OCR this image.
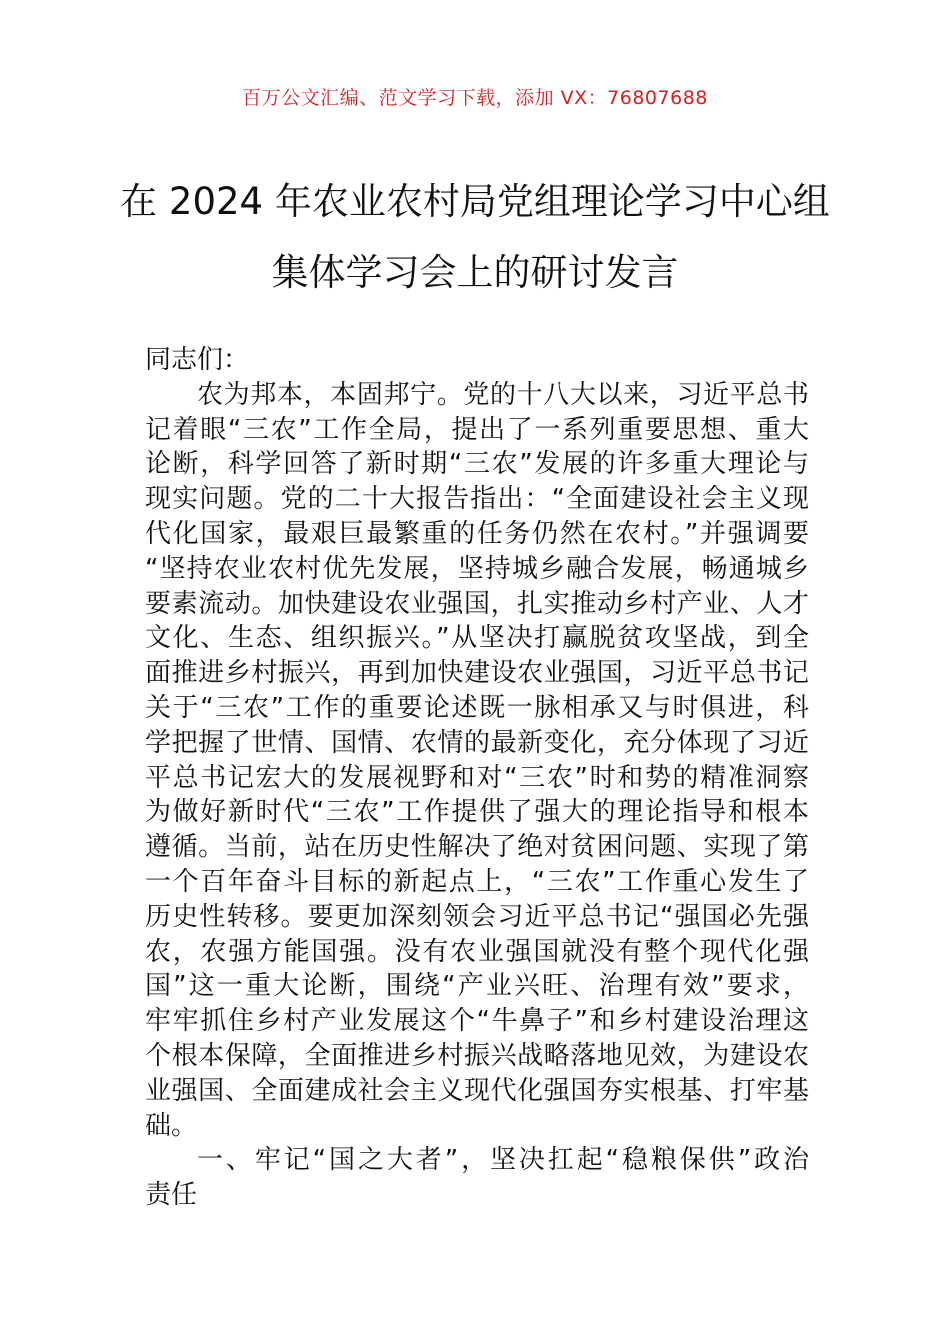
百万公文汇编、范文学习下载，添加 VX：76807688
在 2024 年农业农村局党组理论学习中心组
集体学习会上的研讨发言
同志们：
农为邦本，本固邦宁。党的十八大以来，习近平总书
记着眼“三农”工作全局，提出了一系列重要思想、重大
论断，科学回答了新时期“三农”发展的许多重大理论与
现实问题。党的二十大报告指出：“全面建设社会主义现
代化国家，最艰巨最繁重的任务仍然在农村。”并强调要
“坚持农业农村优先发展，坚持城乡融合发展，畅通城乡
要素流动。加快建设农业强国，扎实推动乡村产业、人才
文化、生态、组织振兴。”从坚决打赢脱贫攻坚战，到全
面推进乡村振兴，再到加快建设农业强国，习近平总书记
关于“三农”工作的重要论述既一脉相承又与时俱进，科
学把握了世情、国情、农情的最新变化，充分体现了习近
平总书记宏大的发展视野和对“三农”时和势的精准洞察
为做好新时代“三农”工作提供了强大的理论指导和根本
遵循。当前，站在历史性解决了绝对贫困问题、实现了第
一个百年奋斗目标的新起点上，“三农”工作重心发生了
历史性转移。要更加深刻领会习近平总书记“强国必先强
农，农强方能国强。没有农业强国就没有整个现代化强
国”这一重大论断，围绕“产业兴旺、治理有效”要求，
牢牢抓住乡村产业发展这个“牛鼻子”和乡村建设治理这
个根本保障，全面推进乡村振兴战略落地见效，为建设农
业强国、全面建成社会主义现代化强国夯实根基、打牢基
础。
一、牢记“国之大者”，坚决扛起“稳粮保供”政治
责任
